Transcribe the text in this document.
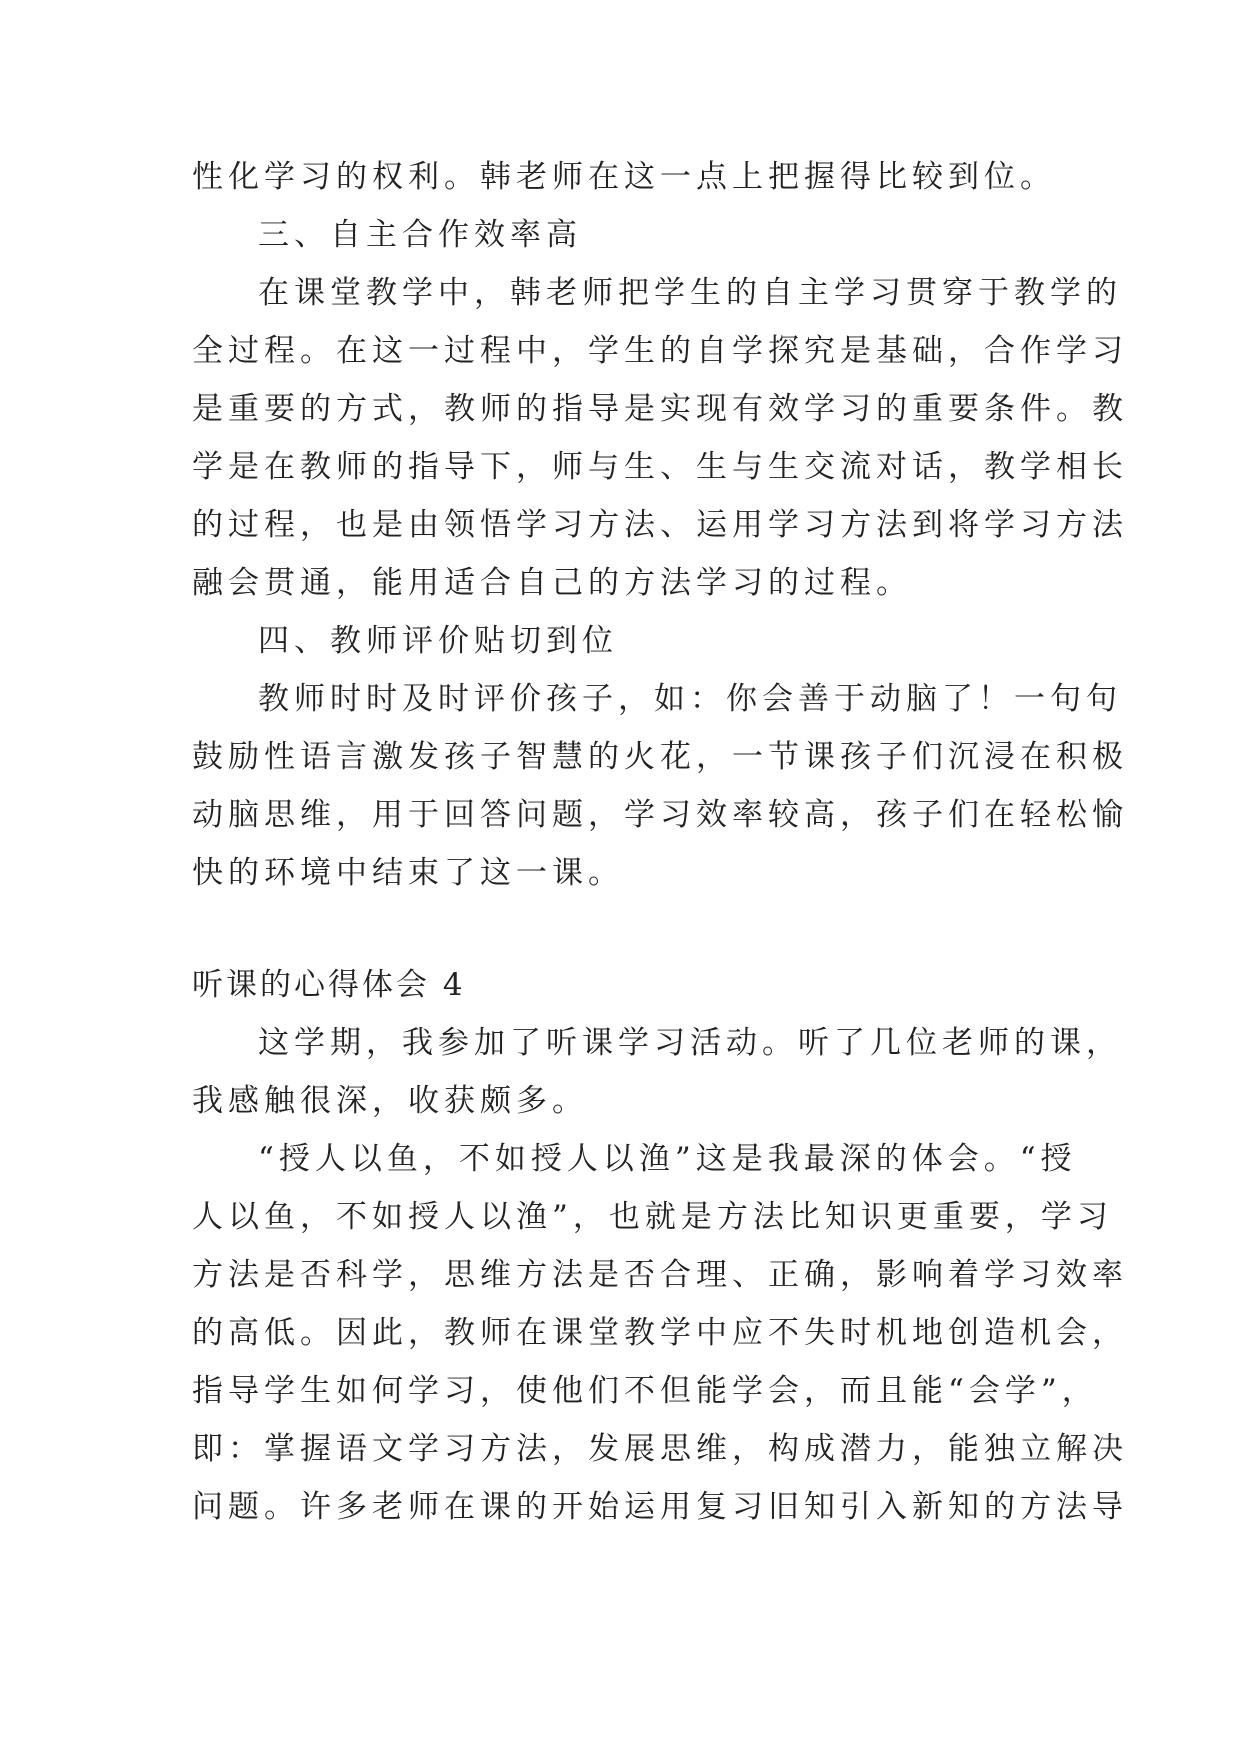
性化学习的权利。韩老师在这一点上把握得比较到位。
三、自主合作效率高
在课堂教学中，韩老师把学生的自主学习贯穿于教学的
全过程。在这一过程中，学生的自学探究是基础，合作学习
是重要的方式，教师的指导是实现有效学习的重要条件。教
学是在教师的指导下，师与生、生与生交流对话，教学相长
的过程，也是由领悟学习方法、运用学习方法到将学习方法
融会贯通，能用适合自己的方法学习的过程。
四、教师评价贴切到位
教师时时及时评价孩子，如：你会善于动脑了！一句句
鼓励性语言激发孩子智慧的火花，一节课孩子们沉浸在积极
动脑思维，用于回答问题，学习效率较高，孩子们在轻松愉
快的环境中结束了这一课。
听课的心得体会 4
这学期，我参加了听课学习活动。听了几位老师的课，
我感触很深，收获颇多。
“授人以鱼，不如授人以渔”这是我最深的体会。“授
人以鱼，不如授人以渔”，也就是方法比知识更重要，学习
方法是否科学，思维方法是否合理、正确，影响着学习效率
的高低。因此，教师在课堂教学中应不失时机地创造机会，
指导学生如何学习，使他们不但能学会，而且能“会学”，
即：掌握语文学习方法，发展思维，构成潜力，能独立解决
问题。许多老师在课的开始运用复习旧知引入新知的方法导
